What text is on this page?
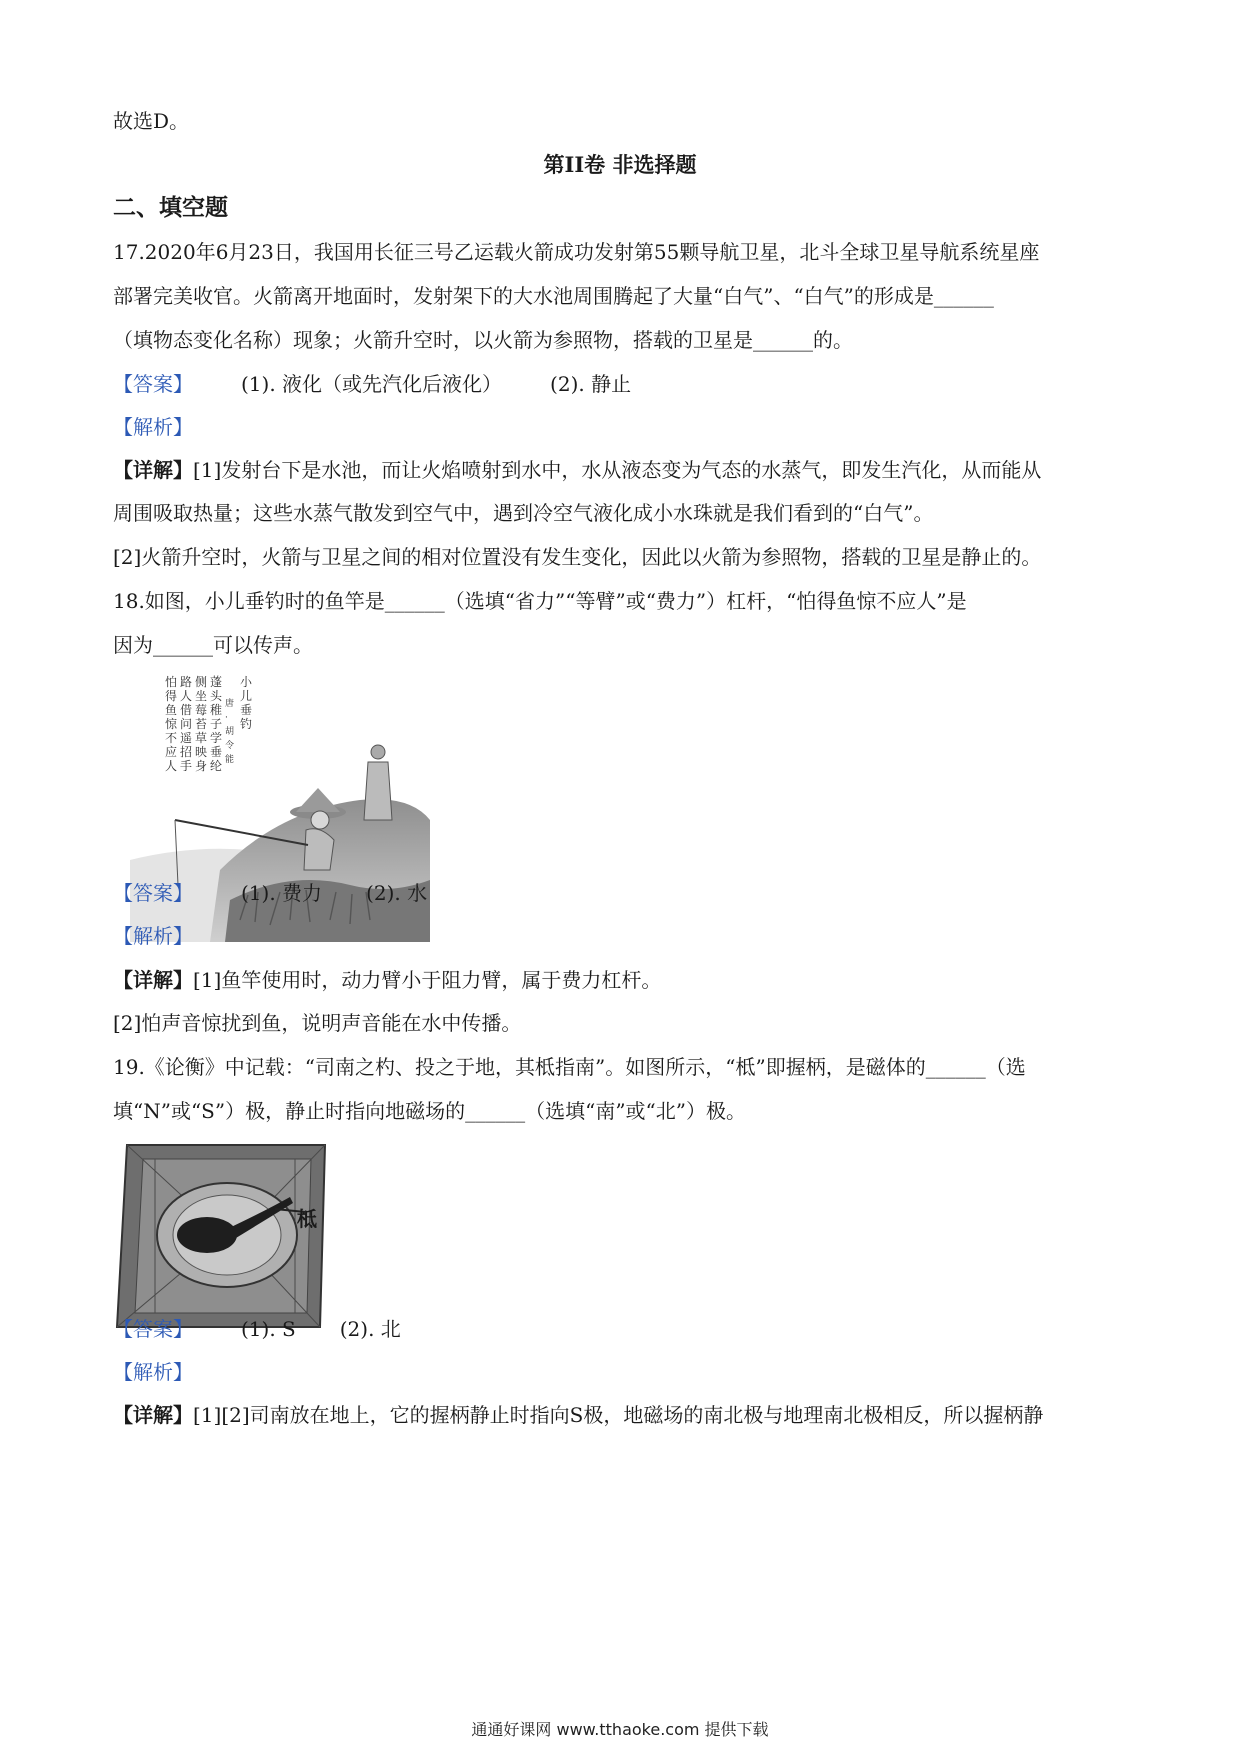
故选D。
第II卷 非选择题
二、填空题
17.2020年6月23日，我国用长征三号乙运载火箭成功发射第55颗导航卫星，北斗全球卫星导航系统星座
部署完美收官。火箭离开地面时，发射架下的大水池周围腾起了大量“白气”、“白气”的形成是______
（填物态变化名称）现象；火箭升空时，以火箭为参照物，搭载的卫星是______的。
【答案】 (1). 液化（或先汽化后液化） (2). 静止
【解析】
【详解】[1]发射台下是水池，而让火焰喷射到水中，水从液态变为气态的水蒸气，即发生汽化，从而能从
周围吸取热量；这些水蒸气散发到空气中，遇到冷空气液化成小水珠就是我们看到的“白气”。
[2]火箭升空时，火箭与卫星之间的相对位置没有发生变化，因此以火箭为参照物，搭载的卫星是静止的。
18.如图，小儿垂钓时的鱼竿是______（选填“省力”“等臂”或“费力”）杠杆，“怕得鱼惊不应人”是
因为______可以传声。
小儿垂钓
唐·胡令能
蓬头稚子学垂纶
侧坐莓苔草映身
路人借问遥招手
怕得鱼惊不应人
【答案】 (1). 费力 (2). 水
【解析】
【详解】[1]鱼竿使用时，动力臂小于阻力臂，属于费力杠杆。
[2]怕声音惊扰到鱼，说明声音能在水中传播。
19.《论衡》中记载：“司南之杓、投之于地，其柢指南”。如图所示，“柢”即握柄，是磁体的______（选
填“N”或“S”）极，静止时指向地磁场的______（选填“南”或“北”）极。
柢
【答案】 (1). S (2). 北
【解析】
【详解】[1][2]司南放在地上，它的握柄静止时指向S极，地磁场的南北极与地理南北极相反，所以握柄静
通通好课网 www.tthaoke.com 提供下载
